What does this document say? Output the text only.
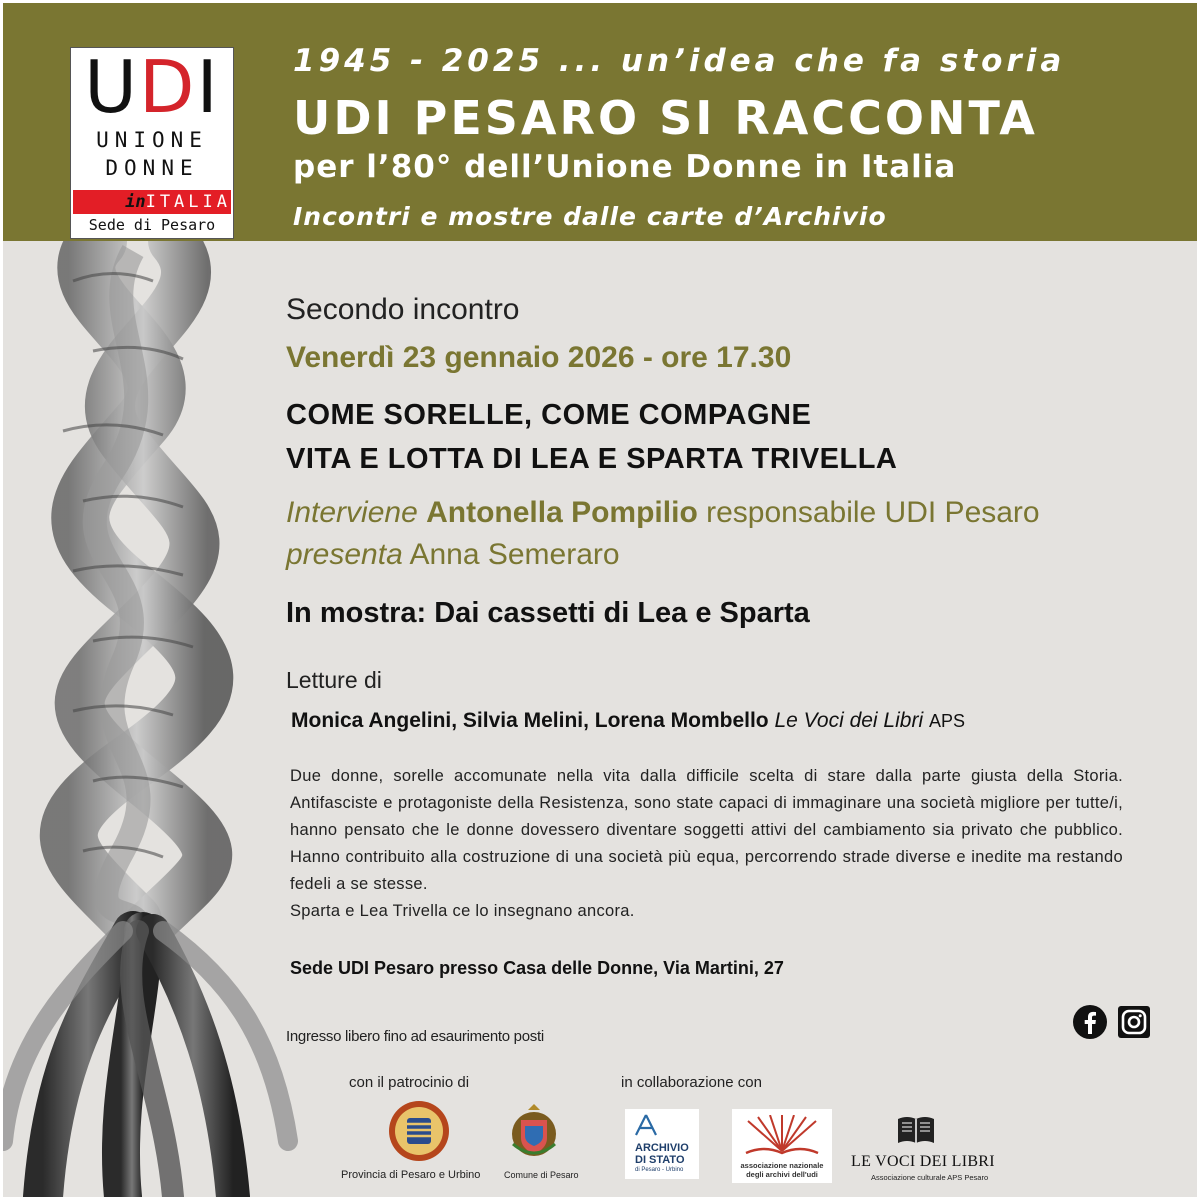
UDI
UNIONE
DONNE
inITALIA
Sede di Pesaro
1945 - 2025 ... un’idea che fa storia
UDI PESARO SI RACCONTA
per l’80° dell’Unione Donne in Italia
Incontri e mostre dalle carte d’Archivio
Secondo incontro
Venerdì 23 gennaio 2026 - ore 17.30
COME SORELLE, COME COMPAGNE
VITA E LOTTA DI LEA E SPARTA TRIVELLA
Interviene Antonella Pompilio responsabile UDI Pesaro
presenta Anna Semeraro
In mostra: Dai cassetti di Lea e Sparta
Letture di
Monica Angelini, Silvia Melini, Lorena Mombello Le Voci dei Libri APS

Due donne, sorelle accomunate nella vita dalla difficile scelta di stare dalla parte giusta della Storia. Antifasciste e protagoniste della Resistenza, sono state capaci di immaginare una società migliore per tutte/i, hanno pensato che le donne dovessero diventare soggetti attivi del cambiamento sia privato che pubblico. Hanno contribuito alla costruzione di una società più equa, percorrendo strade diverse e inedite ma restando fedeli a se stesse.

Sparta e Lea Trivella ce lo insegnano ancora.

Sede UDI Pesaro presso Casa delle Donne, Via Martini, 27
Ingresso libero fino ad esaurimento posti
con il patrocinio di	in collaborazione con
Provincia di Pesaro e Urbino	Comune di Pesaro
ARCHIVIO
DI STATO
di Pesaro - Urbino	associazione nazionale
degli archivi dell'udi
LE VOCI DEI LIBRI
Associazione culturale APS Pesaro
